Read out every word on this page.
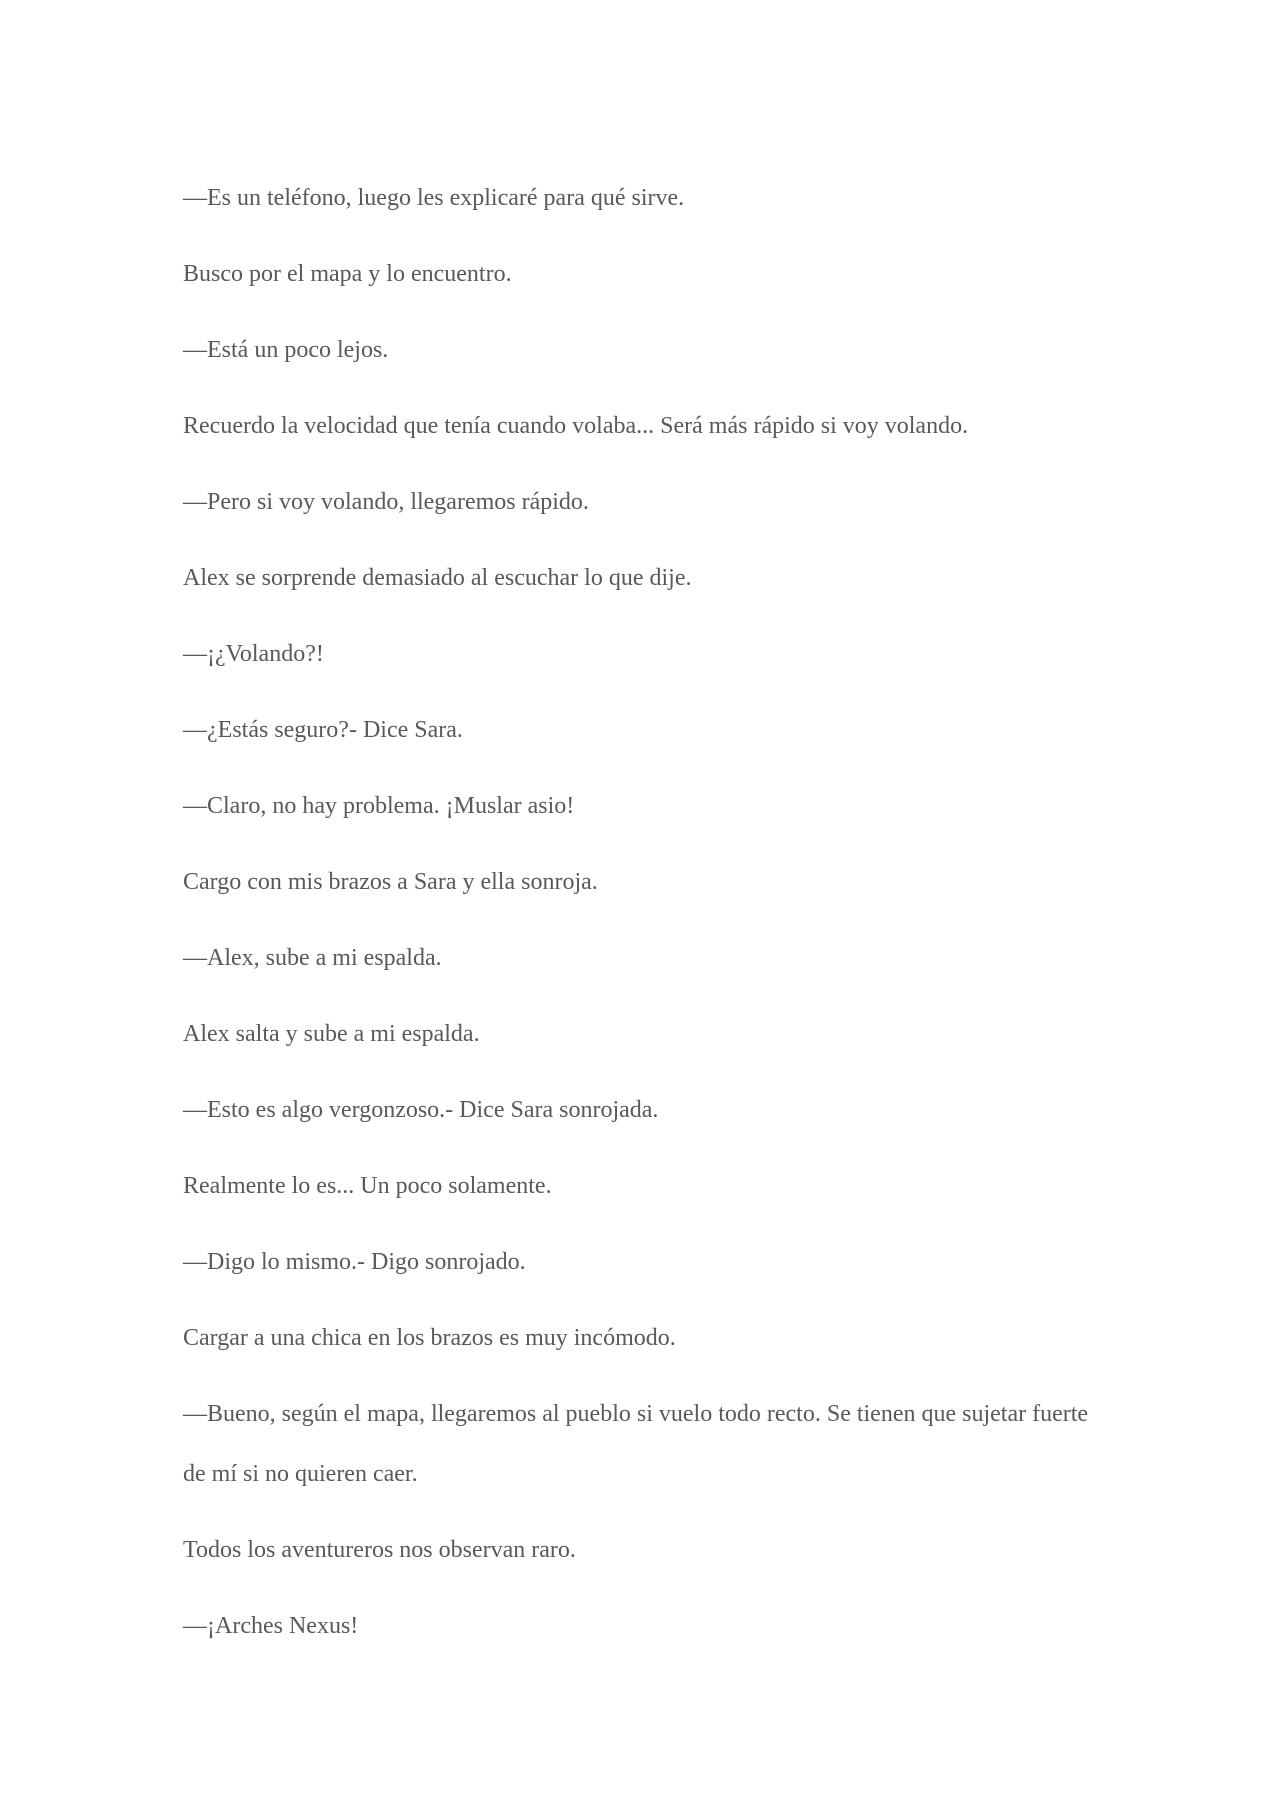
—Es un teléfono, luego les explicaré para qué sirve.

Busco por el mapa y lo encuentro.

—Está un poco lejos.

Recuerdo la velocidad que tenía cuando volaba... Será más rápido si voy volando.

—Pero si voy volando, llegaremos rápido.

Alex se sorprende demasiado al escuchar lo que dije.

—¡¿Volando?!

—¿Estás seguro?- Dice Sara.

—Claro, no hay problema. ¡Muslar asio!

Cargo con mis brazos a Sara y ella sonroja.

—Alex, sube a mi espalda.

Alex salta y sube a mi espalda.

—Esto es algo vergonzoso.- Dice Sara sonrojada.

Realmente lo es... Un poco solamente.

—Digo lo mismo.- Digo sonrojado.

Cargar a una chica en los brazos es muy incómodo.

—Bueno, según el mapa, llegaremos al pueblo si vuelo todo recto. Se tienen que sujetar fuerte de mí si no quieren caer.

Todos los aventureros nos observan raro.

—¡Arches Nexus!
